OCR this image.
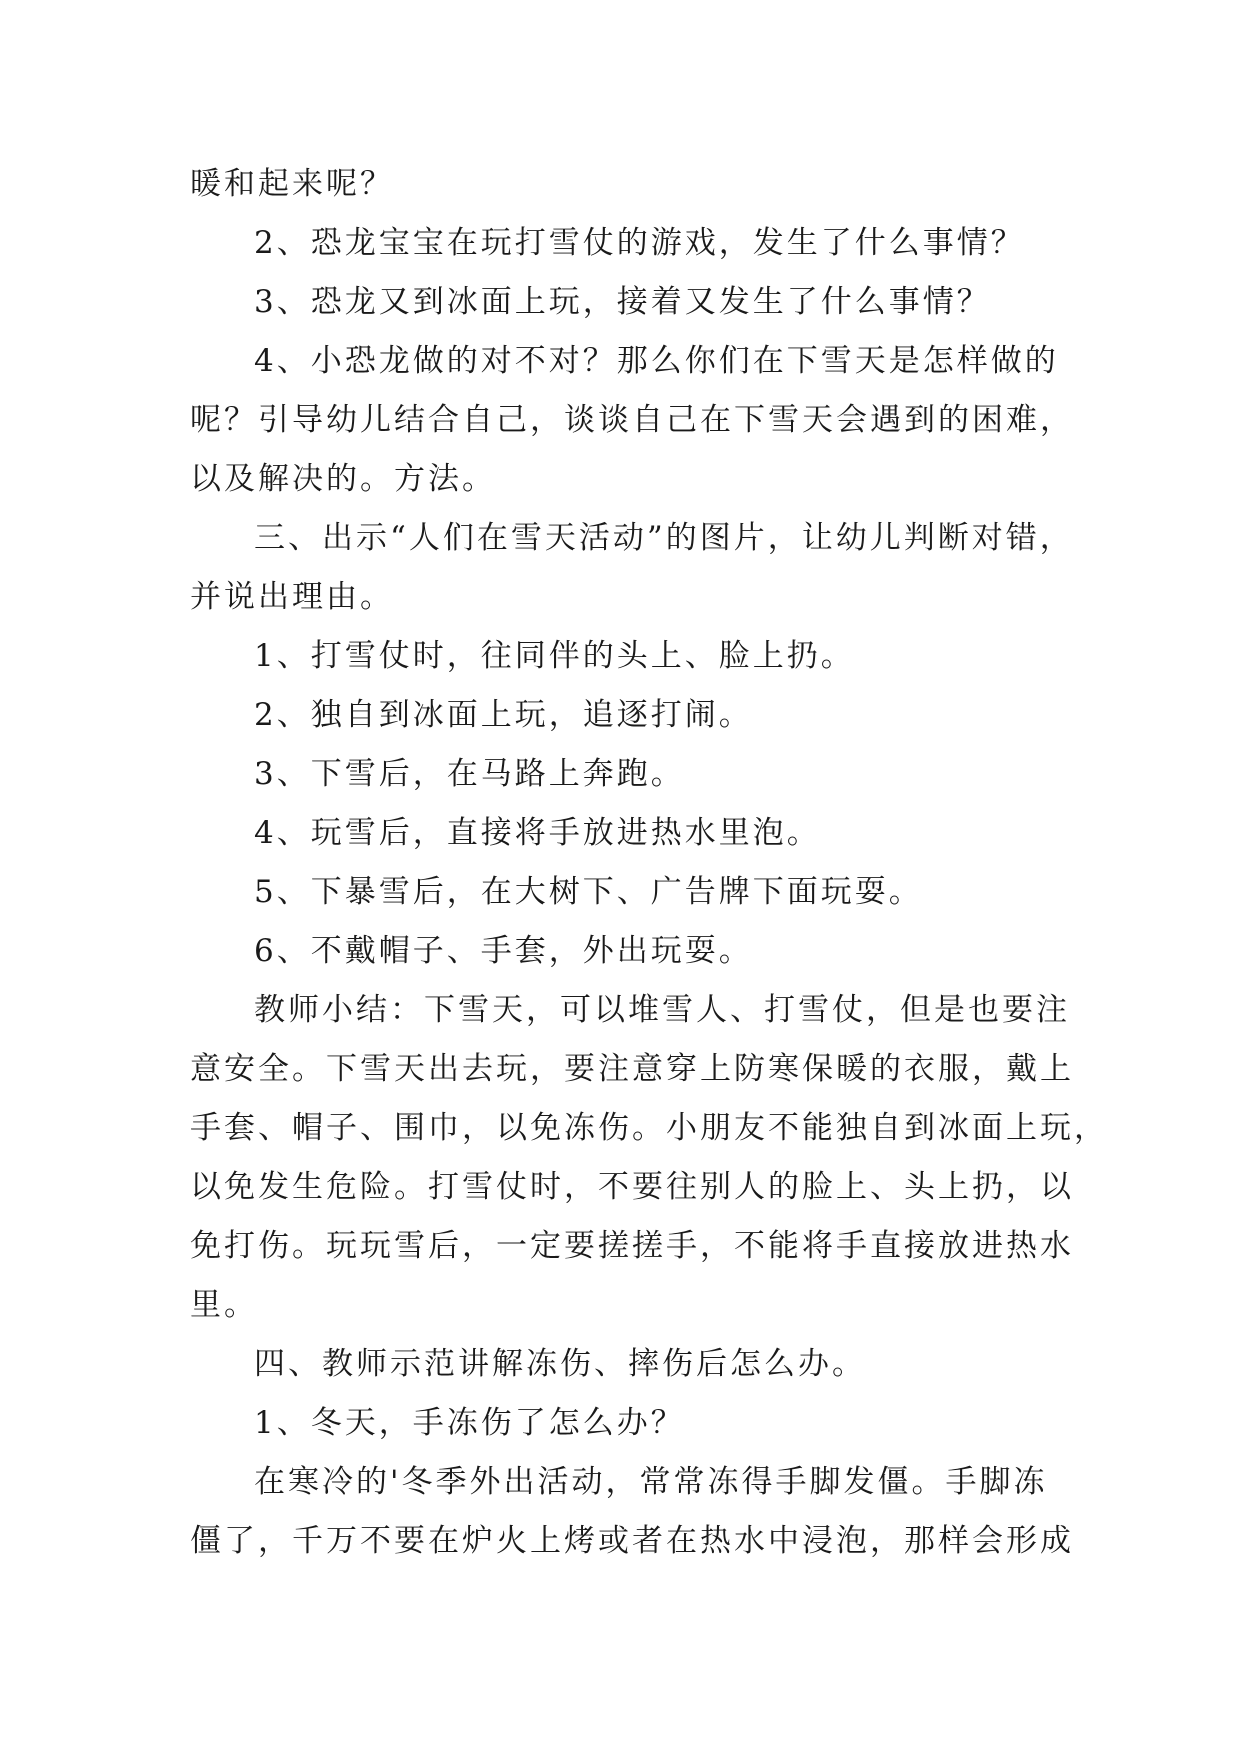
暖和起来呢？
2、恐龙宝宝在玩打雪仗的游戏，发生了什么事情？
3、恐龙又到冰面上玩，接着又发生了什么事情？
4、小恐龙做的对不对？那么你们在下雪天是怎样做的
呢？引导幼儿结合自己，谈谈自己在下雪天会遇到的困难，
以及解决的。方法。
三、出示“人们在雪天活动”的图片，让幼儿判断对错，
并说出理由。
1、打雪仗时，往同伴的头上、脸上扔。
2、独自到冰面上玩，追逐打闹。
3、下雪后，在马路上奔跑。
4、玩雪后，直接将手放进热水里泡。
5、下暴雪后，在大树下、广告牌下面玩耍。
6、不戴帽子、手套，外出玩耍。
教师小结：下雪天，可以堆雪人、打雪仗，但是也要注
意安全。下雪天出去玩，要注意穿上防寒保暖的衣服，戴上
手套、帽子、围巾，以免冻伤。小朋友不能独自到冰面上玩，
以免发生危险。打雪仗时，不要往别人的脸上、头上扔，以
免打伤。玩玩雪后，一定要搓搓手，不能将手直接放进热水
里。
四、教师示范讲解冻伤、摔伤后怎么办。
1、冬天，手冻伤了怎么办？
在寒冷的'冬季外出活动，常常冻得手脚发僵。手脚冻
僵了，千万不要在炉火上烤或者在热水中浸泡，那样会形成
